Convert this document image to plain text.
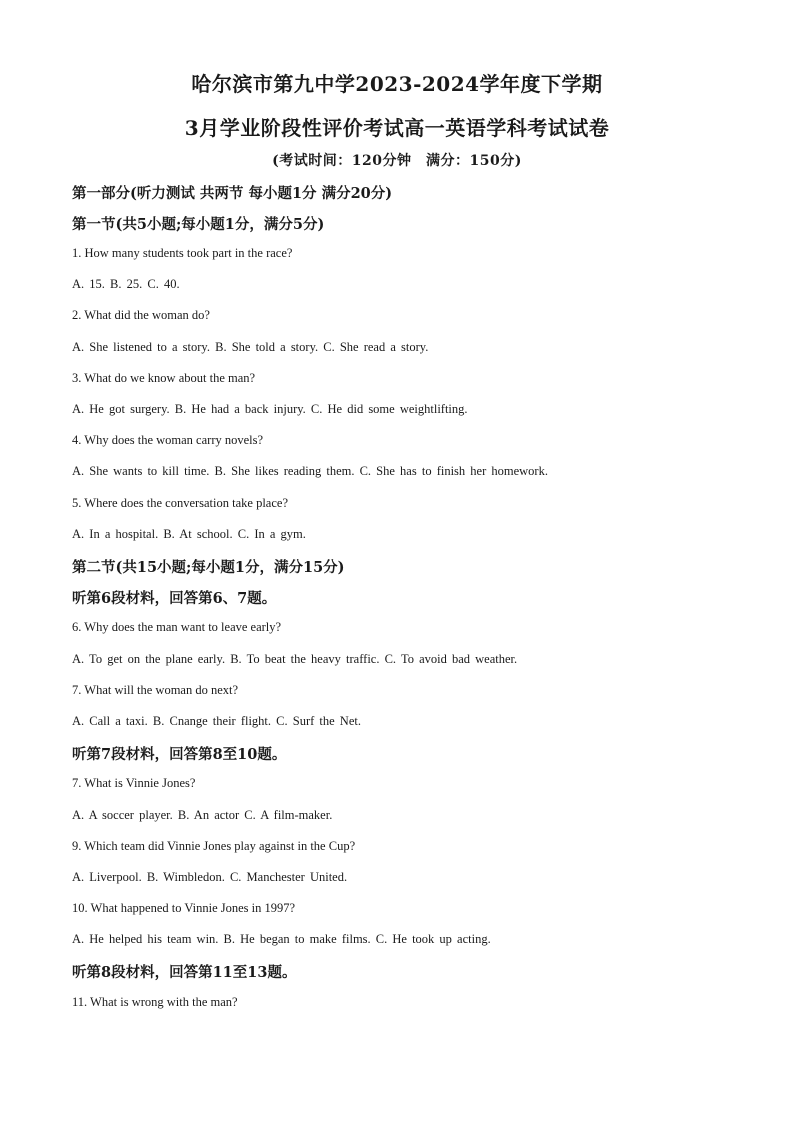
哈尔滨市第九中学2023-2024学年度下学期
3月学业阶段性评价考试高一英语学科考试试卷
(考试时间：120分钟　满分：150分)
第一部分(听力测试 共两节 每小题1分 满分20分)
第一节(共5小题;每小题1分，满分5分)
1. How many students took part in the race?
A. 15. B. 25. C. 40.
2. What did the woman do?
A. She listened to a story. B. She told a story. C. She read a story.
3. What do we know about the man?
A. He got surgery. B. He had a back injury. C. He did some weightlifting.
4. Why does the woman carry novels?
A. She wants to kill time. B. She likes reading them. C. She has to finish her homework.
5. Where does the conversation take place?
A. In a hospital. B. At school. C. In a gym.
第二节(共15小题;每小题1分，满分15分)
听第6段材料，回答第6、7题。
6. Why does the man want to leave early?
A. To get on the plane early. B. To beat the heavy traffic. C. To avoid bad weather.
7. What will the woman do next?
A. Call a taxi. B. Cnange their flight. C. Surf the Net.
听第7段材料，回答第8至10题。
7. What is Vinnie Jones?
A. A soccer player. B. An actor C. A film-maker.
9. Which team did Vinnie Jones play against in the Cup?
A. Liverpool. B. Wimbledon. C. Manchester United.
10. What happened to Vinnie Jones in 1997?
A. He helped his team win. B. He began to make films. C. He took up acting.
听第8段材料，回答第11至13题。
11. What is wrong with the man?
